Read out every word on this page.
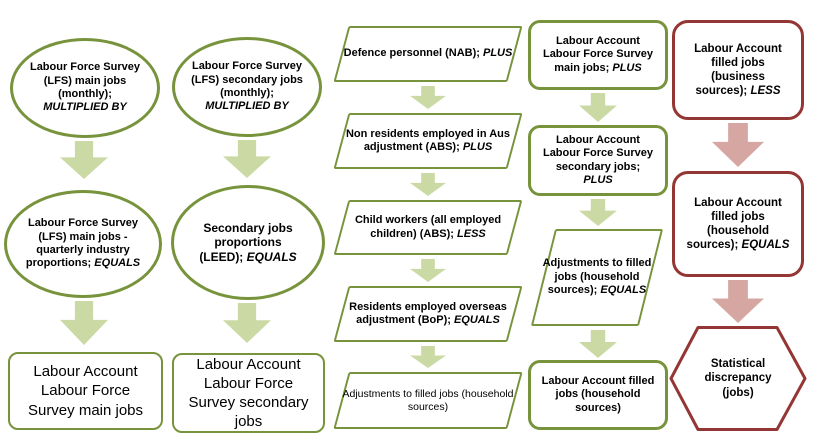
Labour Force Survey (LFS) main jobs (monthly); MULTIPLIED BY
Labour Force Survey (LFS) main jobs - quarterly industry proportions; EQUALS
Labour Account Labour Force Survey main jobs
Labour Force Survey (LFS) secondary jobs (monthly); MULTIPLIED BY
Secondary jobs proportions (LEED); EQUALS
Labour Account Labour Force Survey secondary jobs
Defence personnel (NAB); PLUS
Non residents employed in Aus adjustment (ABS); PLUS
Child workers (all employed children) (ABS); LESS
Residents employed overseas adjustment (BoP); EQUALS
Adjustments to filled jobs (household sources)
Labour Account Labour Force Survey main jobs; PLUS
Labour Account Labour Force Survey secondary jobs; PLUS
Adjustments to filled jobs (household sources); EQUALS
Labour Account filled jobs (household sources)
Labour Account filled jobs (business sources); LESS
Labour Account filled jobs (household sources); EQUALS
Statistical discrepancy (jobs)
